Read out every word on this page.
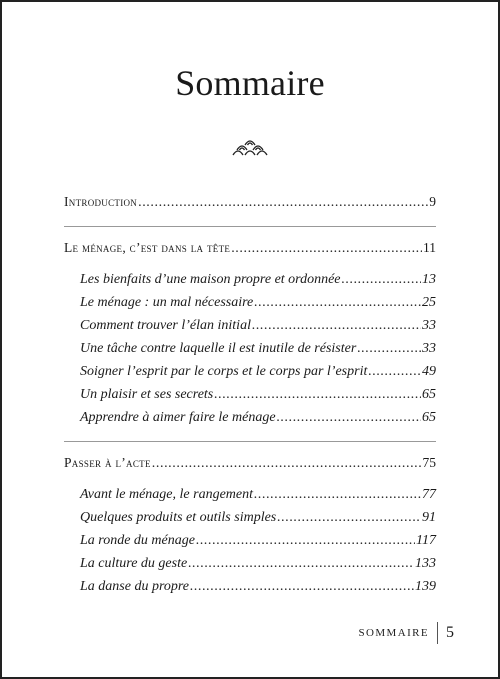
Sommaire
Introduction .....	9
Le ménage, c’est dans la tête .....	11
Les bienfaits d’une maison propre et ordonnée .....	13
Le ménage : un mal nécessaire .....	25
Comment trouver l’élan initial .....	33
Une tâche contre laquelle il est inutile de résister .....	33
Soigner l’esprit par le corps et le corps par l’esprit .....	49
Un plaisir et ses secrets .....	65
Apprendre à aimer faire le ménage .....	65
Passer à l’acte .....	75
Avant le ménage, le rangement .....	77
Quelques produits et outils simples .....	91
La ronde du ménage .....	117
La culture du geste .....	133
La danse du propre .....	139
SOMMAIRE	5
